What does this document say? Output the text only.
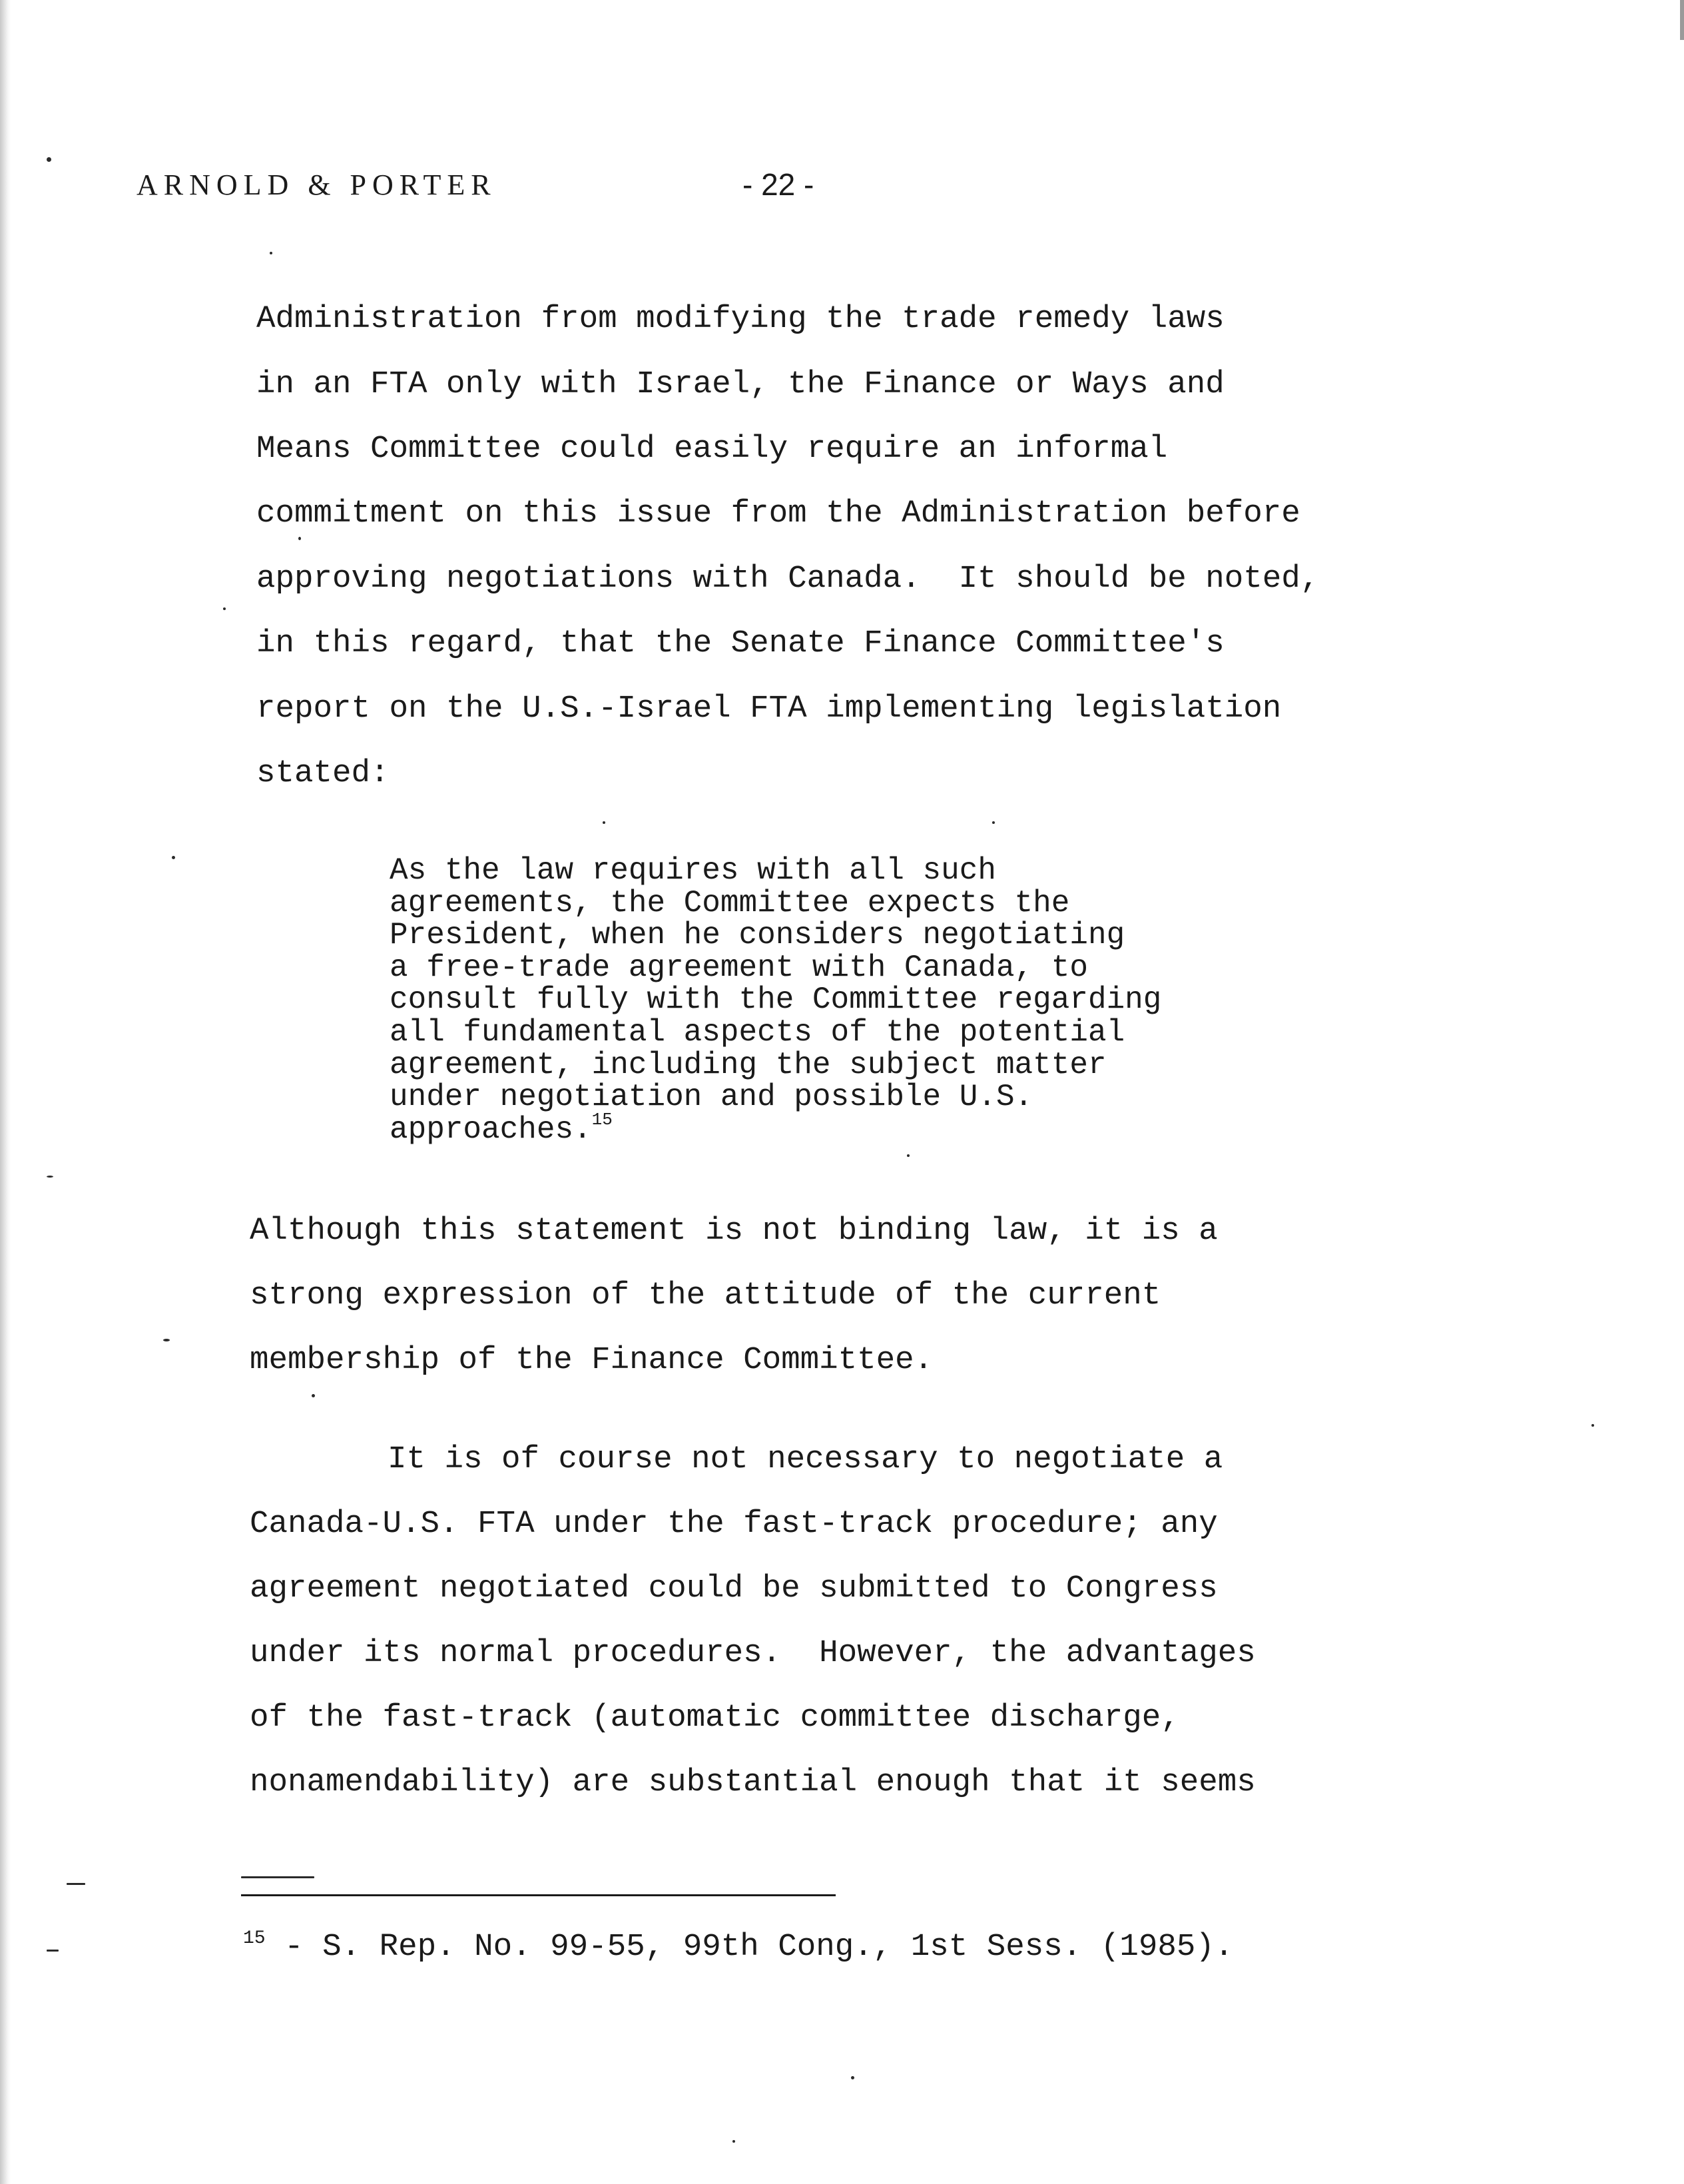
ARNOLD & PORTER	- 22 -
Administration from modifying the trade remedy laws
in an FTA only with Israel, the Finance or Ways and
Means Committee could easily require an informal
commitment on this issue from the Administration before
approving negotiations with Canada.  It should be noted,
in this regard, that the Senate Finance Committee's
report on the U.S.-Israel FTA implementing legislation
stated:
As the law requires with all such
agreements, the Committee expects the
President, when he considers negotiating
a free-trade agreement with Canada, to
consult fully with the Committee regarding
all fundamental aspects of the potential
agreement, including the subject matter
under negotiation and possible U.S.
approaches.$^{15}$
Although this statement is not binding law, it is a
strong expression of the attitude of the current
membership of the Finance Committee.
It is of course not necessary to negotiate a
Canada-U.S. FTA under the fast-track procedure; any
agreement negotiated could be submitted to Congress
under its normal procedures.  However, the advantages
of the fast-track (automatic committee discharge,
nonamendability) are substantial enough that it seems
$^{15}$ - S. Rep. No. 99-55, 99th Cong., 1st Sess. (1985).
